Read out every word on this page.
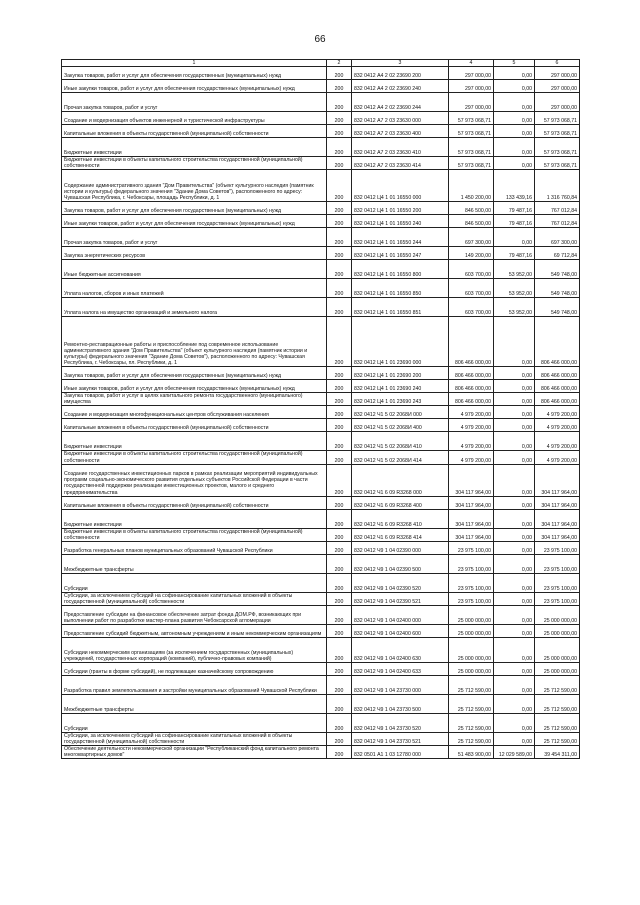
66
1	2	3	4	5	6
Закупка товаров, работ и услуг для обеспечения государственных (муниципальных) нужд	200	832 0412 А4 2 02 23690 200	297 000,00	0,00	297 000,00
Иные закупки товаров, работ и услуг для обеспечения государственных (муниципальных) нужд	200	832 0412 А4 2 02 23690 240	297 000,00	0,00	297 000,00
Прочая закупка товаров, работ и услуг	200	832 0412 А4 2 02 23690 244	297 000,00	0,00	297 000,00
Создание и модернизация объектов инженерной и туристической инфраструктуры	200	832 0412 А7 2 03 23630 000	57 973 068,71	0,00	57 973 068,71
Капитальные вложения в объекты государственной (муниципальной) собственности	200	832 0412 А7 2 03 23630 400	57 973 068,71	0,00	57 973 068,71
Бюджетные инвестиции	200	832 0412 А7 2 03 23630 410	57 973 068,71	0,00	57 973 068,71
Бюджетные инвестиции в объекты капитального строительства государственной (муниципальной) собственности	200	832 0412 А7 2 03 23630 414	57 973 068,71	0,00	57 973 068,71
Содержание административного здания "Дом Правительства" (объект культурного наследия (памятник истории и культуры) федерального значения "Здание Дома Советов"), расположенного по адресу: Чувашская Республика, г. Чебоксары, площадь Республики, д. 1	200	832 0412 Ц4 1 01 16550 000	1 450 200,00	133 439,16	1 316 760,84
Закупка товаров, работ и услуг для обеспечения государственных (муниципальных) нужд	200	832 0412 Ц4 1 01 16550 200	846 500,00	79 487,16	767 012,84
Иные закупки товаров, работ и услуг для обеспечения государственных (муниципальных) нужд	200	832 0412 Ц4 1 01 16550 240	846 500,00	79 487,16	767 012,84
Прочая закупка товаров, работ и услуг	200	832 0412 Ц4 1 01 16550 244	697 300,00	0,00	697 300,00
Закупка энергетических ресурсов	200	832 0412 Ц4 1 01 16550 247	149 200,00	79 487,16	69 712,84
Иные бюджетные ассигнования	200	832 0412 Ц4 1 01 16550 800	603 700,00	53 952,00	549 748,00
Уплата налогов, сборов и иных платежей	200	832 0412 Ц4 1 01 16550 850	603 700,00	53 952,00	549 748,00
Уплата налога на имущество организаций и земельного налога	200	832 0412 Ц4 1 01 16550 851	603 700,00	53 952,00	549 748,00
Ремонтно-реставрационные работы и приспособление под современное использование административного здания "Дом Правительства" (объект культурного наследия (памятник истории и культуры) федерального значения "Здание Дома Советов"), расположенного по адресу: Чувашская Республика, г. Чебоксары, пл. Республики, д. 1	200	832 0412 Ц4 1 01 23690 000	806 466 000,00	0,00	806 466 000,00
Закупка товаров, работ и услуг для обеспечения государственных (муниципальных) нужд	200	832 0412 Ц4 1 01 23690 200	806 466 000,00	0,00	806 466 000,00
Иные закупки товаров, работ и услуг для обеспечения государственных (муниципальных) нужд	200	832 0412 Ц4 1 01 23690 240	806 466 000,00	0,00	806 466 000,00
Закупка товаров, работ и услуг в целях капитального ремонта государственного (муниципального) имущества	200	832 0412 Ц4 1 01 23690 243	806 466 000,00	0,00	806 466 000,00
Создание и модернизация многофункциональных центров обслуживания населения	200	832 0412 Ч1 5 02 2068И 000	4 979 200,00	0,00	4 979 200,00
Капитальные вложения в объекты государственной (муниципальной) собственности	200	832 0412 Ч1 5 02 2068И 400	4 979 200,00	0,00	4 979 200,00
Бюджетные инвестиции	200	832 0412 Ч1 5 02 2068И 410	4 979 200,00	0,00	4 979 200,00
Бюджетные инвестиции в объекты капитального строительства государственной (муниципальной) собственности	200	832 0412 Ч1 5 02 2068И 414	4 979 200,00	0,00	4 979 200,00
Создание государственных инвестиционных парков в рамках реализации мероприятий индивидуальных программ социально-экономического развития отдельных субъектов Российской Федерации в части государственной поддержки реализации инвестиционных проектов, малого и среднего предпринимательства	200	832 0412 Ч1 6 09 R3268 000	304 117 964,00	0,00	304 117 964,00
Капитальные вложения в объекты государственной (муниципальной) собственности	200	832 0412 Ч1 6 09 R3268 400	304 117 964,00	0,00	304 117 964,00
Бюджетные инвестиции	200	832 0412 Ч1 6 09 R3268 410	304 117 964,00	0,00	304 117 964,00
Бюджетные инвестиции в объекты капитального строительства государственной (муниципальной) собственности	200	832 0412 Ч1 6 09 R3268 414	304 117 964,00	0,00	304 117 964,00
Разработка генеральных планов муниципальных образований Чувашской Республики	200	832 0412 Ч9 1 04 02390 000	23 975 100,00	0,00	23 975 100,00
Межбюджетные трансферты	200	832 0412 Ч9 1 04 02390 500	23 975 100,00	0,00	23 975 100,00
Субсидии	200	832 0412 Ч9 1 04 02390 520	23 975 100,00	0,00	23 975 100,00
Субсидии, за исключением субсидий на софинансирование капитальных вложений в объекты государственной (муниципальной) собственности	200	832 0412 Ч9 1 04 02390 521	23 975 100,00	0,00	23 975 100,00
Предоставление субсидии на финансовое обеспечение затрат фонда ДОМ.РФ, возникающих при выполнении работ по разработке мастер-плана развития Чебоксарской агломерации	200	832 0412 Ч9 1 04 02400 000	25 000 000,00	0,00	25 000 000,00
Предоставление субсидий бюджетным, автономным учреждениям и иным некоммерческим организациям	200	832 0412 Ч9 1 04 02400 600	25 000 000,00	0,00	25 000 000,00
Субсидии некоммерческим организациям (за исключением государственных (муниципальных) учреждений, государственных корпораций (компаний), публично-правовых компаний)	200	832 0412 Ч9 1 04 02400 630	25 000 000,00	0,00	25 000 000,00
Субсидии (гранты в форме субсидий), не подлежащие казначейскому сопровождению	200	832 0412 Ч9 1 04 02400 633	25 000 000,00	0,00	25 000 000,00
Разработка правил землепользования и застройки муниципальных образований Чувашской Республики	200	832 0412 Ч9 1 04 23730 000	25 712 590,00	0,00	25 712 590,00
Межбюджетные трансферты	200	832 0412 Ч9 1 04 23730 500	25 712 590,00	0,00	25 712 590,00
Субсидии	200	832 0412 Ч9 1 04 23730 520	25 712 590,00	0,00	25 712 590,00
Субсидии, за исключением субсидий на софинансирование капитальных вложений в объекты государственной (муниципальной) собственности	200	832 0412 Ч9 1 04 23730 521	25 712 590,00	0,00	25 712 590,00
Обеспечение деятельности некоммерческой организации "Республиканский фонд капитального ремонта многоквартирных домов"	200	832 0501 А1 1 03 12780 000	51 483 900,00	12 029 589,00	39 454 311,00
